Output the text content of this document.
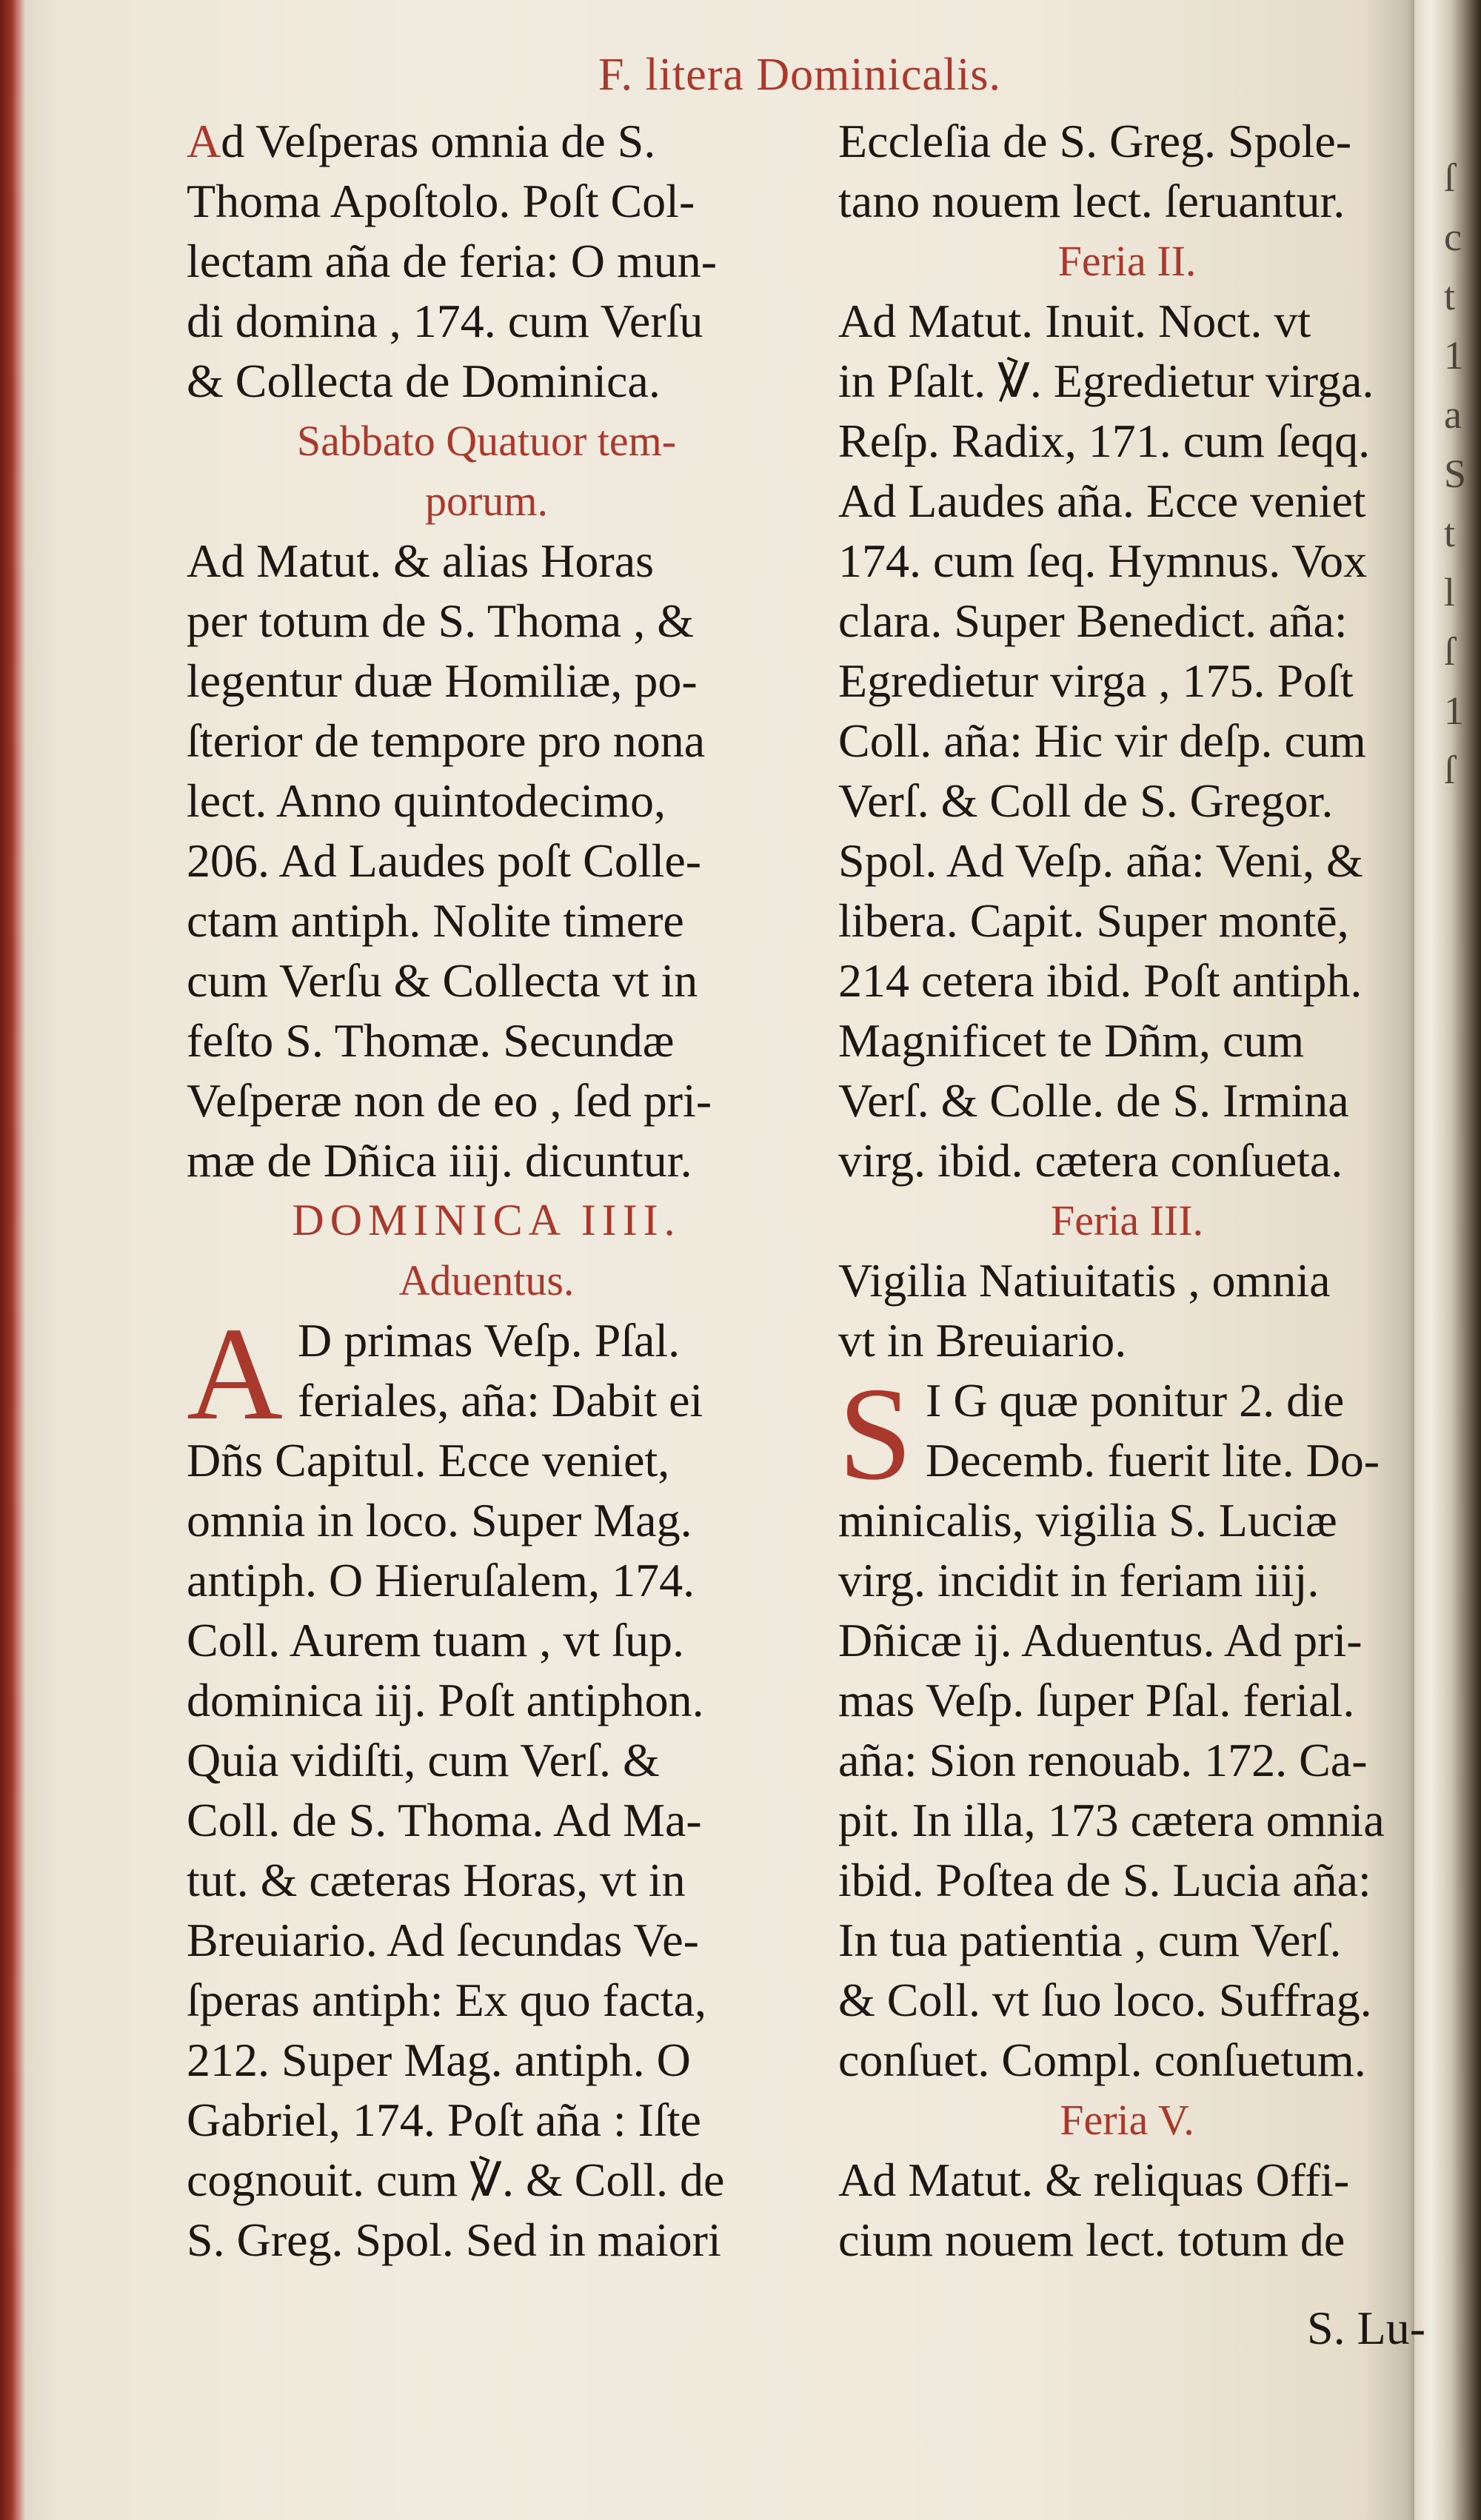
ſ
c
t
1
a
S
t
l
ſ
1
ſ
F. litera Dominicalis.
Ad Veſperas omnia de S.
Thoma Apoſtolo. Poſt Col-
lectam aña de feria: O mun-
di domina , 174. cum Verſu
& Collecta de Dominica.
Sabbato Quatuor tem-
porum.
Ad Matut. & alias Horas
per totum de S. Thoma , &
legentur duæ Homiliæ, po-
ſterior de tempore pro nona
lect. Anno quintodecimo,
206. Ad Laudes poſt Colle-
ctam antiph. Nolite timere
cum Verſu & Collecta vt in
feſto S. Thomæ. Secundæ
Veſperæ non de eo , ſed pri-
mæ de Dñica iiij. dicuntur.
DOMINICA IIII.
Aduentus.
A D primas Veſp. Pſal.
feriales, aña: Dabit ei
Dñs Capitul. Ecce veniet,
omnia in loco. Super Mag.
antiph. O Hieruſalem, 174.
Coll. Aurem tuam , vt ſup.
dominica iij. Poſt antiphon.
Quia vidiſti, cum Verſ. &
Coll. de S. Thoma. Ad Ma-
tut. & cæteras Horas, vt in
Breuiario. Ad ſecundas Ve-
ſperas antiph: Ex quo facta,
212. Super Mag. antiph. O
Gabriel, 174. Poſt aña : Iſte
cognouit. cum ℣. & Coll. de
S. Greg. Spol. Sed in maiori
Eccleſia de S. Greg. Spole-
tano nouem lect. ſeruantur.
Feria II.
Ad Matut. Inuit. Noct. vt
in Pſalt. ℣. Egredietur virga.
Reſp. Radix, 171. cum ſeqq.
Ad Laudes aña. Ecce veniet
174. cum ſeq. Hymnus. Vox
clara. Super Benedict. aña:
Egredietur virga , 175. Poſt
Coll. aña: Hic vir deſp. cum
Verſ. & Coll de S. Gregor.
Spol. Ad Veſp. aña: Veni, &
libera. Capit. Super montē,
214 cetera ibid. Poſt antiph.
Magnificet te Dñm, cum
Verſ. & Colle. de S. Irmina
virg. ibid. cætera conſueta.
Feria III.
Vigilia Natiuitatis , omnia
vt in Breuiario.
S I G quæ ponitur 2. die
Decemb. fuerit lite. Do-
minicalis, vigilia S. Luciæ
virg. incidit in feriam iiij.
Dñicæ ij. Aduentus. Ad pri-
mas Veſp. ſuper Pſal. ferial.
aña: Sion renouab. 172. Ca-
pit. In illa, 173 cætera omnia
ibid. Poſtea de S. Lucia aña:
In tua patientia , cum Verſ.
& Coll. vt ſuo loco. Suffrag.
conſuet. Compl. conſuetum.
Feria V.
Ad Matut. & reliquas Offi-
cium nouem lect. totum de
S. Lu-
